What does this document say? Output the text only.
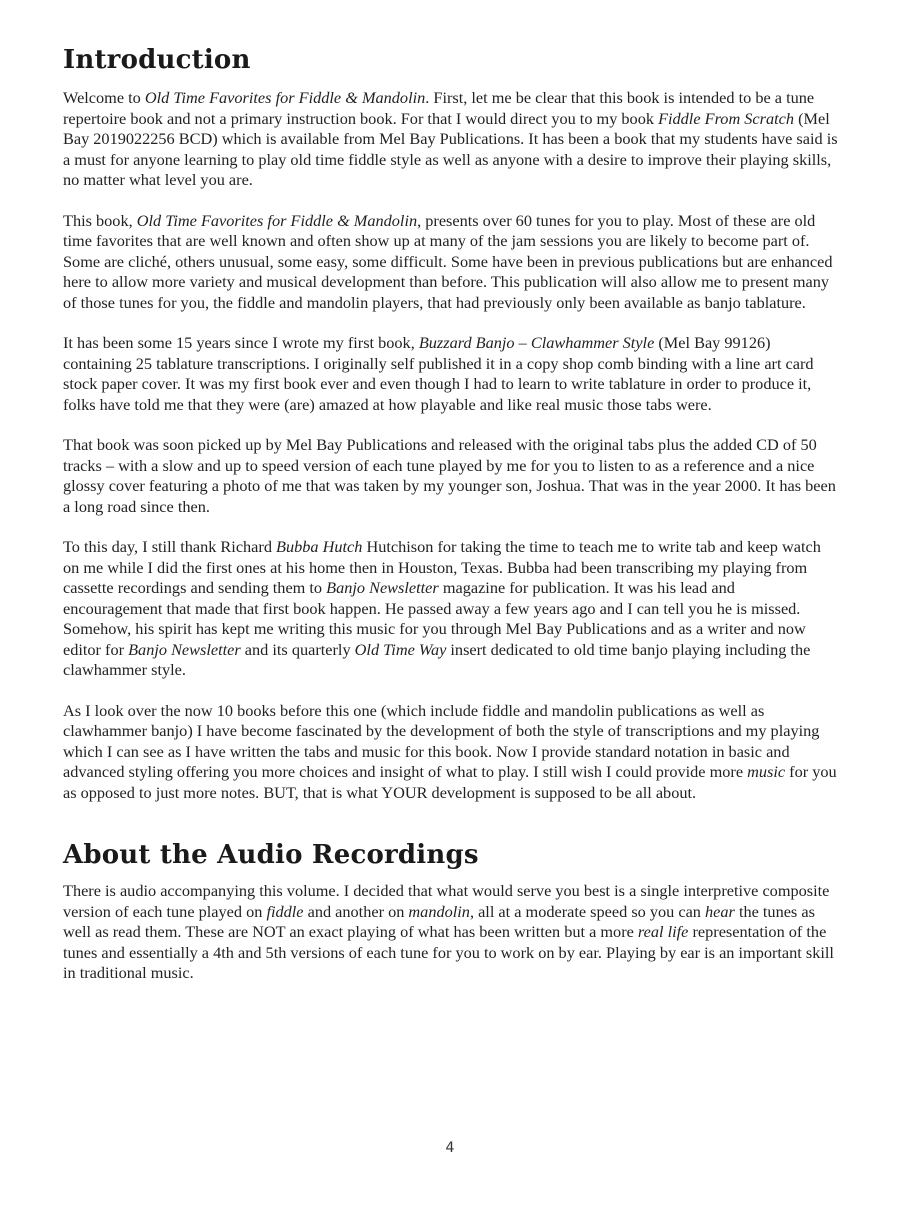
Introduction

Welcome to Old Time Favorites for Fiddle & Mandolin. First, let me be clear that this book is intended to be a tune repertoire book and not a primary instruction book. For that I would direct you to my book Fiddle From Scratch (Mel Bay 2019022256 BCD) which is available from Mel Bay Publications. It has been a book that my students have said is a must for anyone learning to play old time fiddle style as well as anyone with a desire to improve their playing skills, no matter what level you are.

This book, Old Time Favorites for Fiddle & Mandolin, presents over 60 tunes for you to play. Most of these are old time favorites that are well known and often show up at many of the jam sessions you are likely to become part of. Some are cliché, others unusual, some easy, some difficult. Some have been in previous publications but are enhanced here to allow more variety and musical development than before. This publication will also allow me to present many of those tunes for you, the fiddle and mandolin players, that had previously only been available as banjo tablature.

It has been some 15 years since I wrote my first book, Buzzard Banjo – Clawhammer Style (Mel Bay 99126) containing 25 tablature transcriptions. I originally self published it in a copy shop comb binding with a line art card stock paper cover. It was my first book ever and even though I had to learn to write tablature in order to produce it, folks have told me that they were (are) amazed at how playable and like real music those tabs were.

That book was soon picked up by Mel Bay Publications and released with the original tabs plus the added CD of 50 tracks – with a slow and up to speed version of each tune played by me for you to listen to as a reference and a nice glossy cover featuring a photo of me that was taken by my younger son, Joshua. That was in the year 2000. It has been a long road since then.

To this day, I still thank Richard Bubba Hutch Hutchison for taking the time to teach me to write tab and keep watch on me while I did the first ones at his home then in Houston, Texas. Bubba had been transcribing my playing from cassette recordings and sending them to Banjo Newsletter magazine for publication. It was his lead and encouragement that made that first book happen. He passed away a few years ago and I can tell you he is missed. Somehow, his spirit has kept me writing this music for you through Mel Bay Publications and as a writer and now editor for Banjo Newsletter and its quarterly Old Time Way insert dedicated to old time banjo playing including the clawhammer style.

As I look over the now 10 books before this one (which include fiddle and mandolin publications as well as clawhammer banjo) I have become fascinated by the development of both the style of transcriptions and my playing which I can see as I have written the tabs and music for this book. Now I provide standard notation in basic and advanced styling offering you more choices and insight of what to play. I still wish I could provide more music for you as opposed to just more notes. BUT, that is what YOUR development is supposed to be all about.

About the Audio Recordings

There is audio accompanying this volume. I decided that what would serve you best is a single interpretive composite version of each tune played on fiddle and another on mandolin, all at a moderate speed so you can hear the tunes as well as read them. These are NOT an exact playing of what has been written but a more real life representation of the tunes and essentially a 4th and 5th versions of each tune for you to work on by ear. Playing by ear is an important skill in traditional music.

4
